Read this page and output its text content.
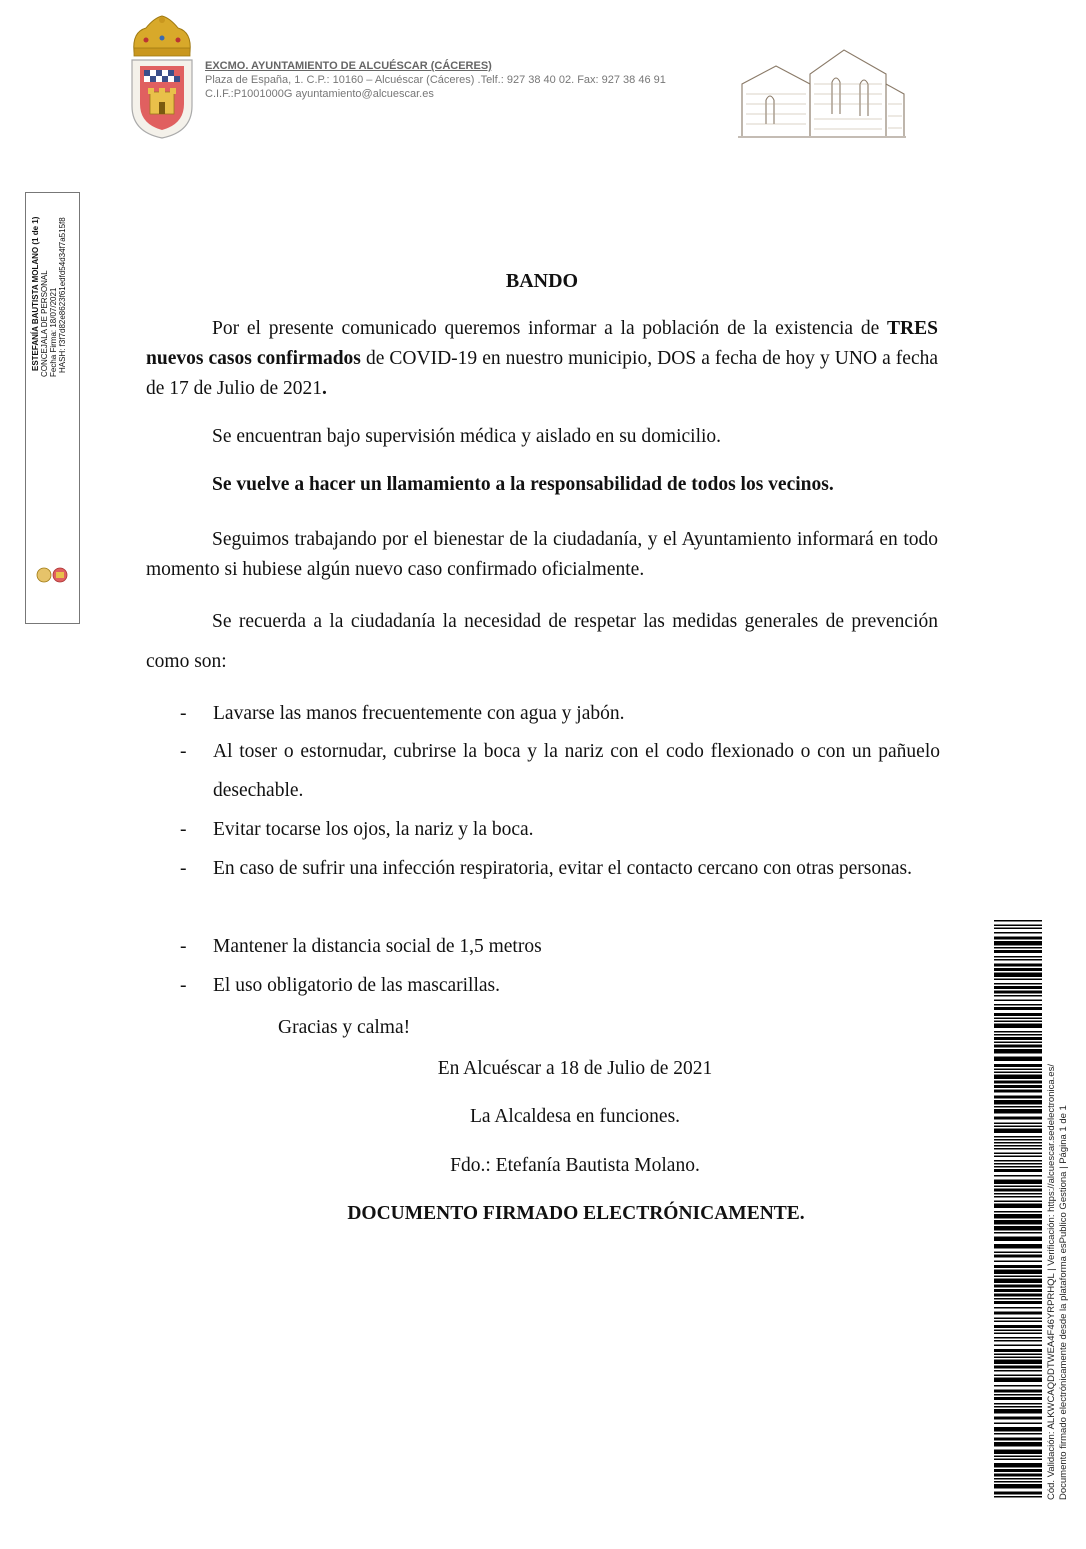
EXCMO. AYUNTAMIENTO DE ALCUÉSCAR (CÁCERES)
Plaza de España, 1. C.P.: 10160 – Alcuéscar (Cáceres) .Telf.: 927 38 40 02. Fax: 927 38 46 91
C.I.F.:P1001000G ayuntamiento@alcuescar.es
ESTEFANÍA BAUTISTA MOLANO (1 de 1) CONCEJALA DE PERSONAL Fecha Firma: 18/07/2021 HASH: f3f7d82e8623f61edfd54d34f7a515f8	BANDO
Por el presente comunicado queremos informar a la población de la existencia de TRES nuevos casos confirmados de COVID-19 en nuestro municipio, DOS a fecha de hoy y UNO a fecha de 17 de Julio de 2021.
Se encuentran bajo supervisión médica y aislado en su domicilio.
Se vuelve a hacer un llamamiento a la responsabilidad de todos los vecinos.
Seguimos trabajando por el bienestar de la ciudadanía, y el Ayuntamiento informará en todo momento si hubiese algún nuevo caso confirmado oficialmente.
Se recuerda a la ciudadanía la necesidad de respetar las medidas generales de prevención como son:
- Lavarse las manos frecuentemente con agua y jabón.
- Al toser o estornudar, cubrirse la boca y la nariz con el codo flexionado o con un pañuelo desechable.
- Evitar tocarse los ojos, la nariz y la boca.
- En caso de sufrir una infección respiratoria, evitar el contacto cercano con otras personas.
- Mantener la distancia social de 1,5 metros
- El uso obligatorio de las mascarillas.
Gracias y calma!
En Alcuéscar a 18 de Julio de 2021
La Alcaldesa en funciones.
Fdo.: Etefanía Bautista Molano.
DOCUMENTO FIRMADO ELECTRÓNICAMENTE.	Cód. Validación: ALKWCAQDDTWEA4F46YRPRHQL | Verificación: https://alcuescar.sedelectronica.es/ Documento firmado electrónicamente desde la plataforma esPublico Gestiona | Página 1 de 1
